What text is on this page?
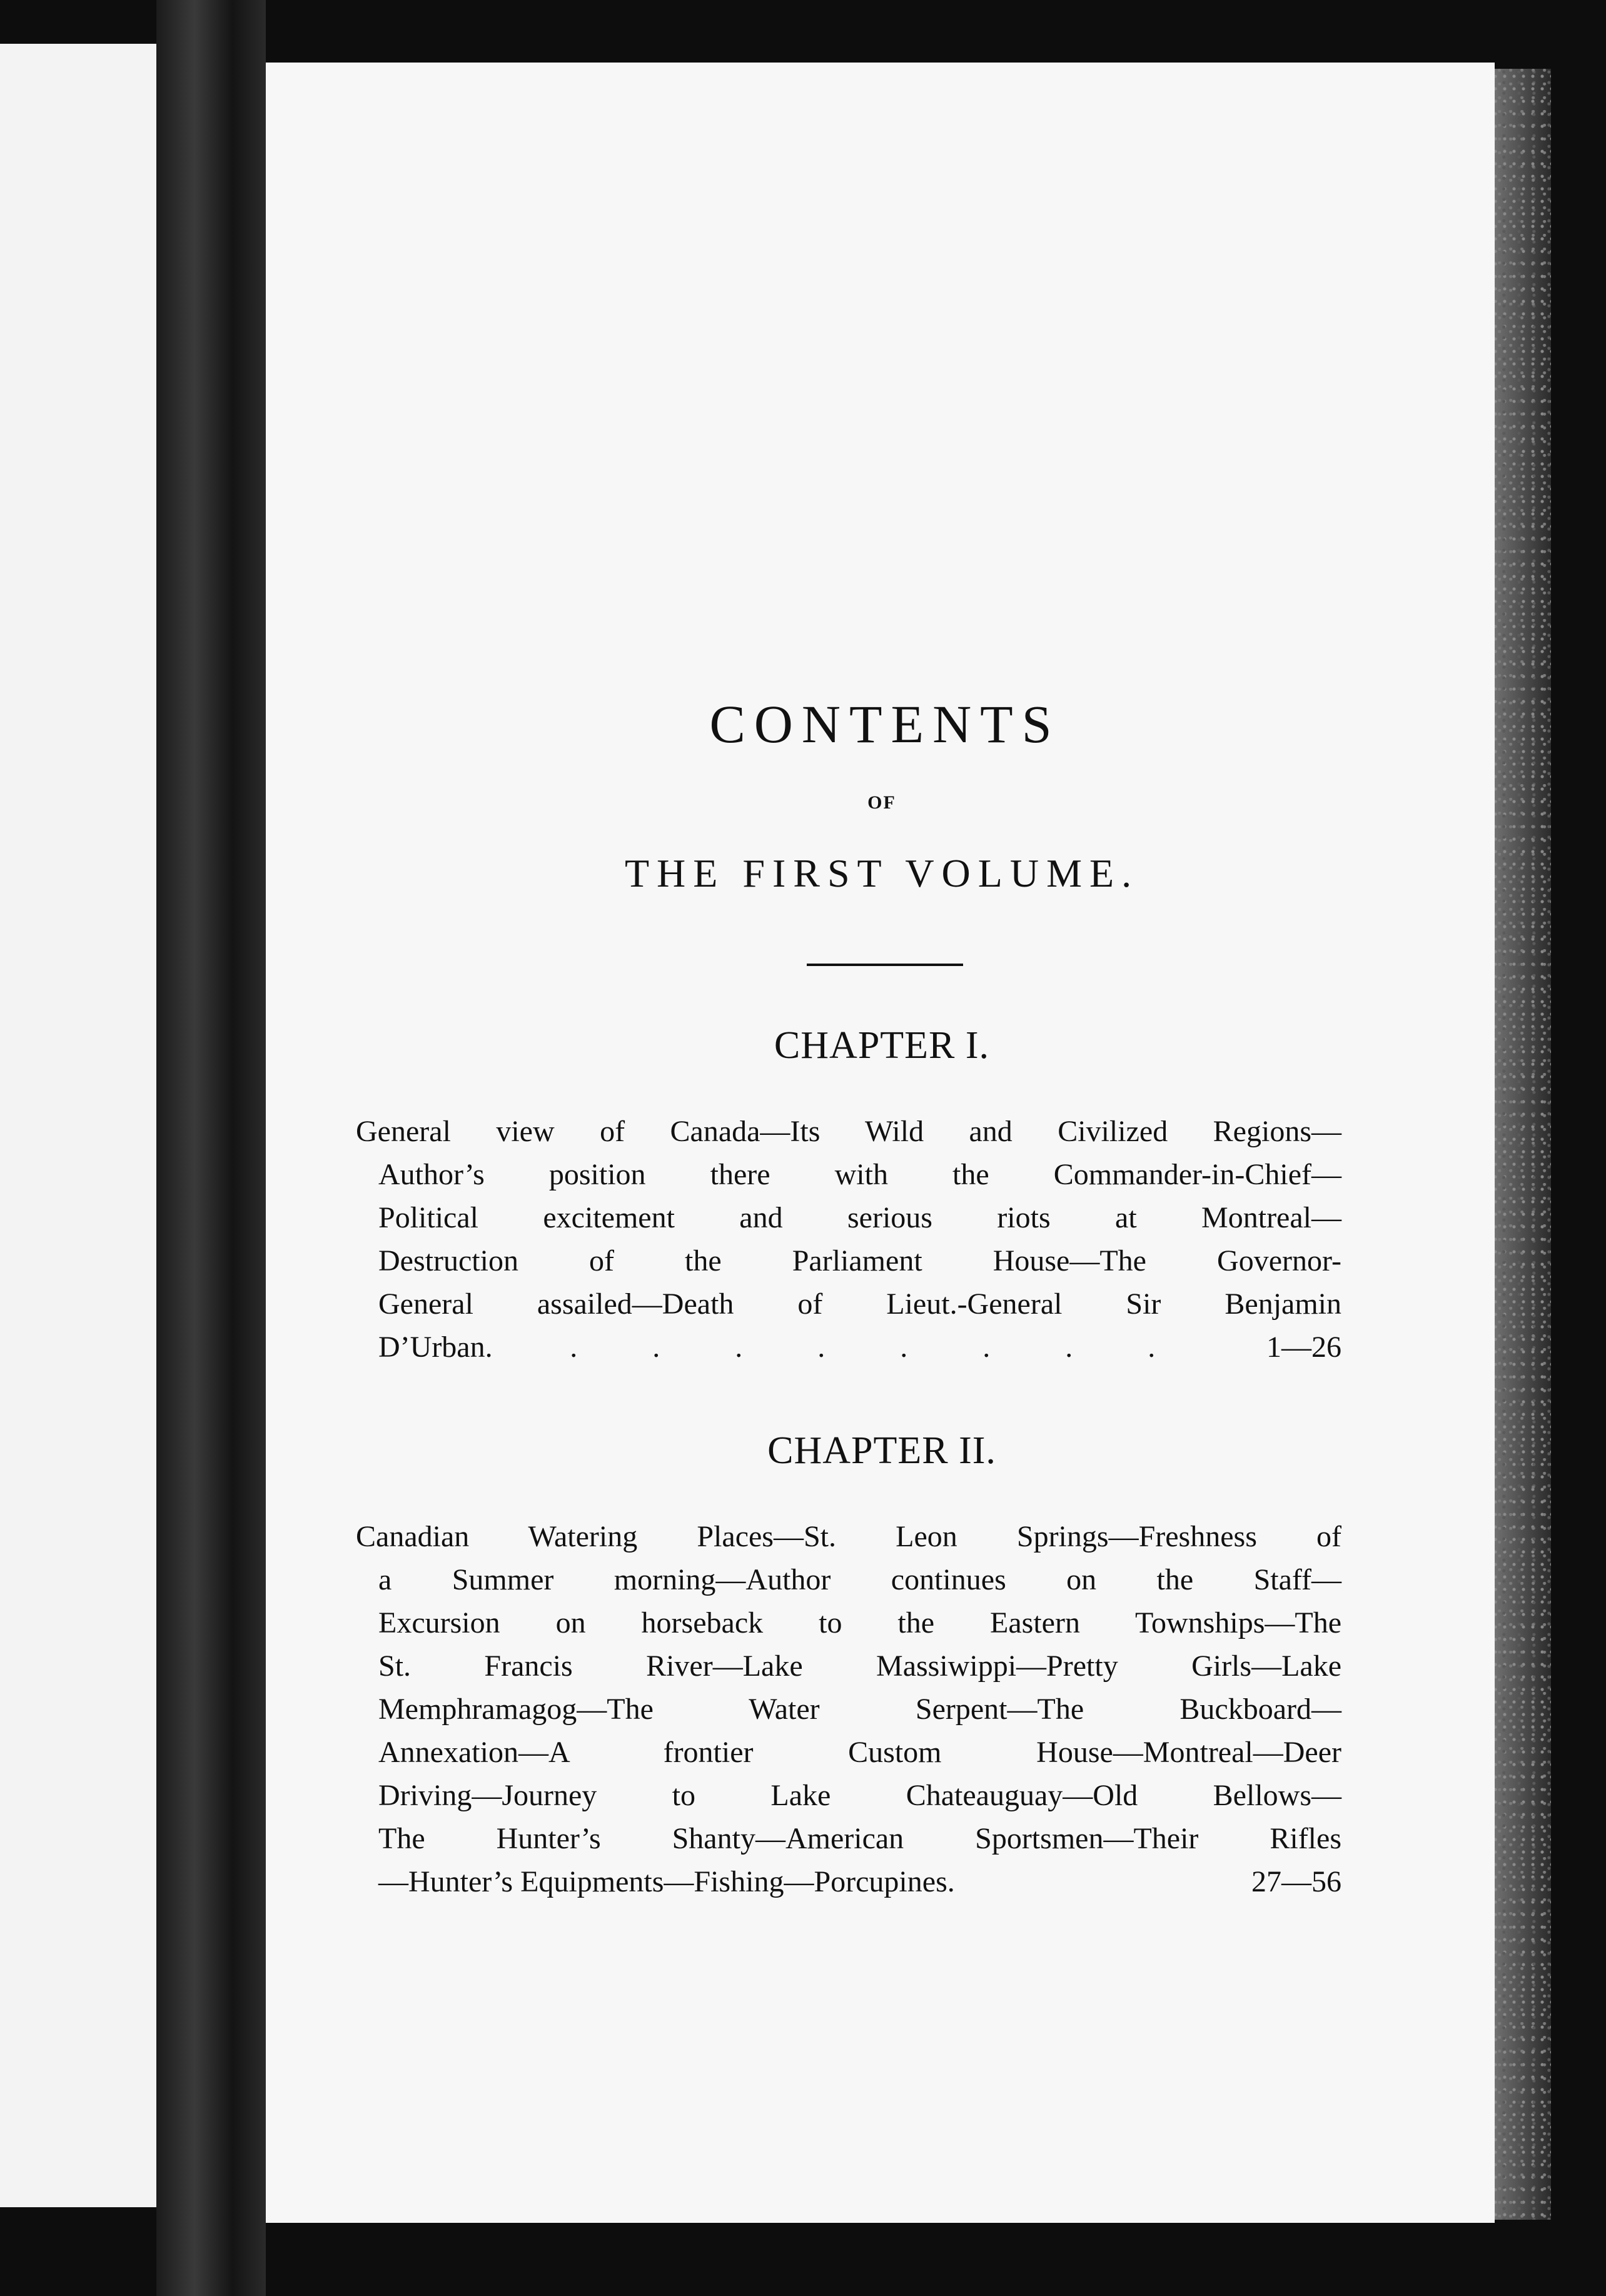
CONTENTS
OF
THE FIRST VOLUME.
CHAPTER I.
General view of Canada—Its Wild and Civilized Regions—
Author’s position there with the Commander-in-Chief—
Political excitement and serious riots at Montreal—
Destruction of the Parliament House—The Governor-
General assailed—Death of Lieut.-General Sir Benjamin
D’Urban.	. . . . . . . .	1—26
CHAPTER II.
Canadian Watering Places—St. Leon Springs—Freshness of
a Summer morning—Author continues on the Staff—
Excursion on horseback to the Eastern Townships—The
St. Francis River—Lake Massiwippi—Pretty Girls—Lake
Memphramagog—The Water Serpent—The Buckboard—
Annexation—A frontier Custom House—Montreal—Deer
Driving—Journey to Lake Chateauguay—Old Bellows—
The Hunter’s Shanty—American Sportsmen—Their Rifles
—Hunter’s Equipments—Fishing—Porcupines.	27—56
